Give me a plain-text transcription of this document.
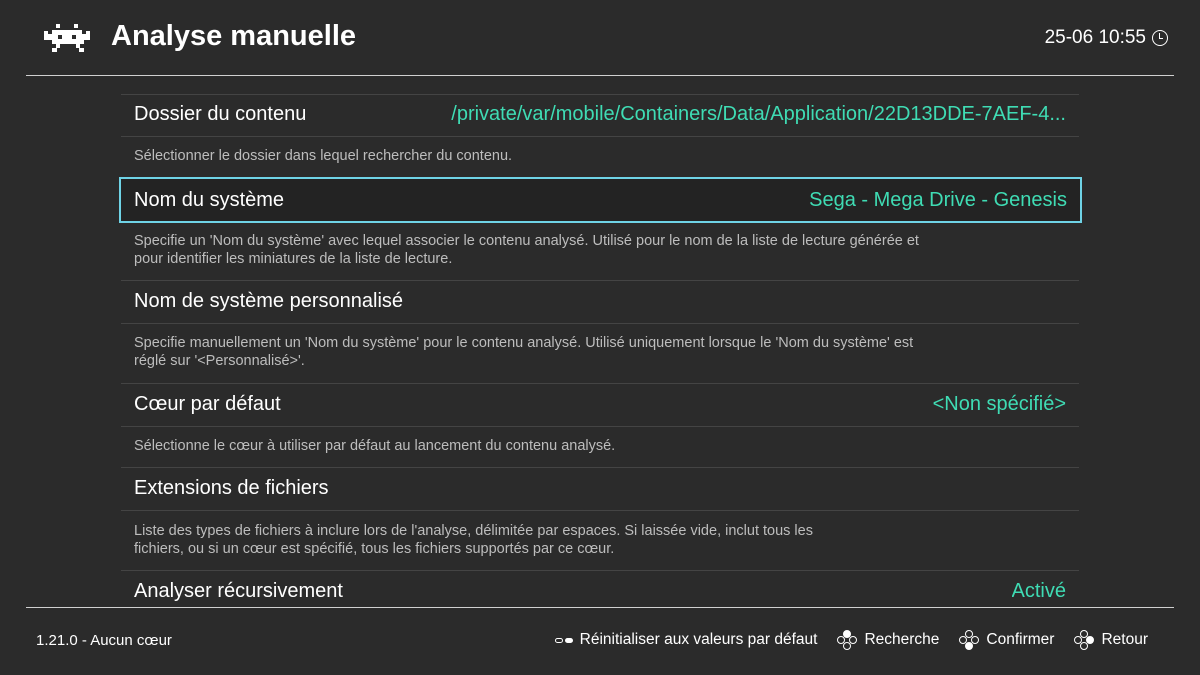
Analyse manuelle	25-06 10:55
Dossier du contenu	/private/var/mobile/Containers/Data/Application/22D13DDE-7AEF-4...
Sélectionner le dossier dans lequel rechercher du contenu.
Nom du système	Sega - Mega Drive - Genesis
Specifie un 'Nom du système' avec lequel associer le contenu analysé. Utilisé pour le nom de la liste de lecture générée et pour identifier les miniatures de la liste de lecture.
Nom de système personnalisé
Specifie manuellement un 'Nom du système' pour le contenu analysé. Utilisé uniquement lorsque le 'Nom du système' est réglé sur '<Personnalisé>'.
Cœur par défaut	<Non spécifié>
Sélectionne le cœur à utiliser par défaut au lancement du contenu analysé.
Extensions de fichiers
Liste des types de fichiers à inclure lors de l'analyse, délimitée par espaces. Si laissée vide, inclut tous les fichiers, ou si un cœur est spécifié, tous les fichiers supportés par ce cœur.
Analyser récursivement	Activé
1.21.0 - Aucun cœur	Réinitialiser aux valeurs par défaut	Recherche	Confirmer	Retour
